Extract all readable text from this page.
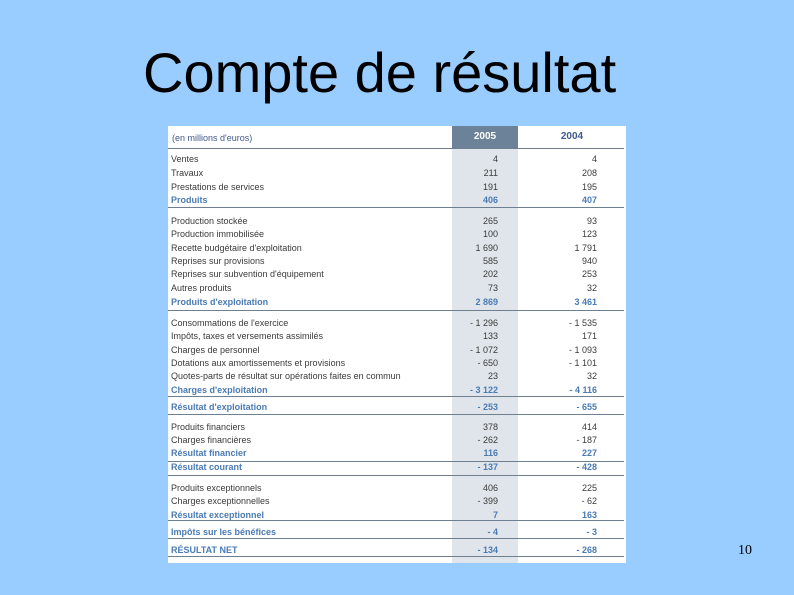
Compte de résultat
(en millions d'euros)	2005	2004
Ventes	4	4
Travaux	211	208
Prestations de services	191	195
Produits	406	407
Production stockée	265	93
Production immobilisée	100	123
Recette budgétaire d'exploitation	1 690	1 791
Reprises sur provisions	585	940
Reprises sur subvention d'équipement	202	253
Autres produits	73	32
Produits d'exploitation	2 869	3 461
Consommations de l'exercice	- 1 296	- 1 535
Impôts, taxes et versements assimilés	133	171
Charges de personnel	- 1 072	- 1 093
Dotations aux amortissements et provisions	- 650	- 1 101
Quotes-parts de résultat sur opérations faites en commun	23	32
Charges d'exploitation	- 3 122	- 4 116
Résultat d'exploitation	- 253	- 655
Produits financiers	378	414
Charges financières	- 262	- 187
Résultat financier	116	227
Résultat courant	- 137	- 428
Produits exceptionnels	406	225
Charges exceptionnelles	- 399	- 62
Résultat exceptionnel	7	163
Impôts sur les bénéfices	- 4	- 3
RÉSULTAT NET	- 134	- 268	10
